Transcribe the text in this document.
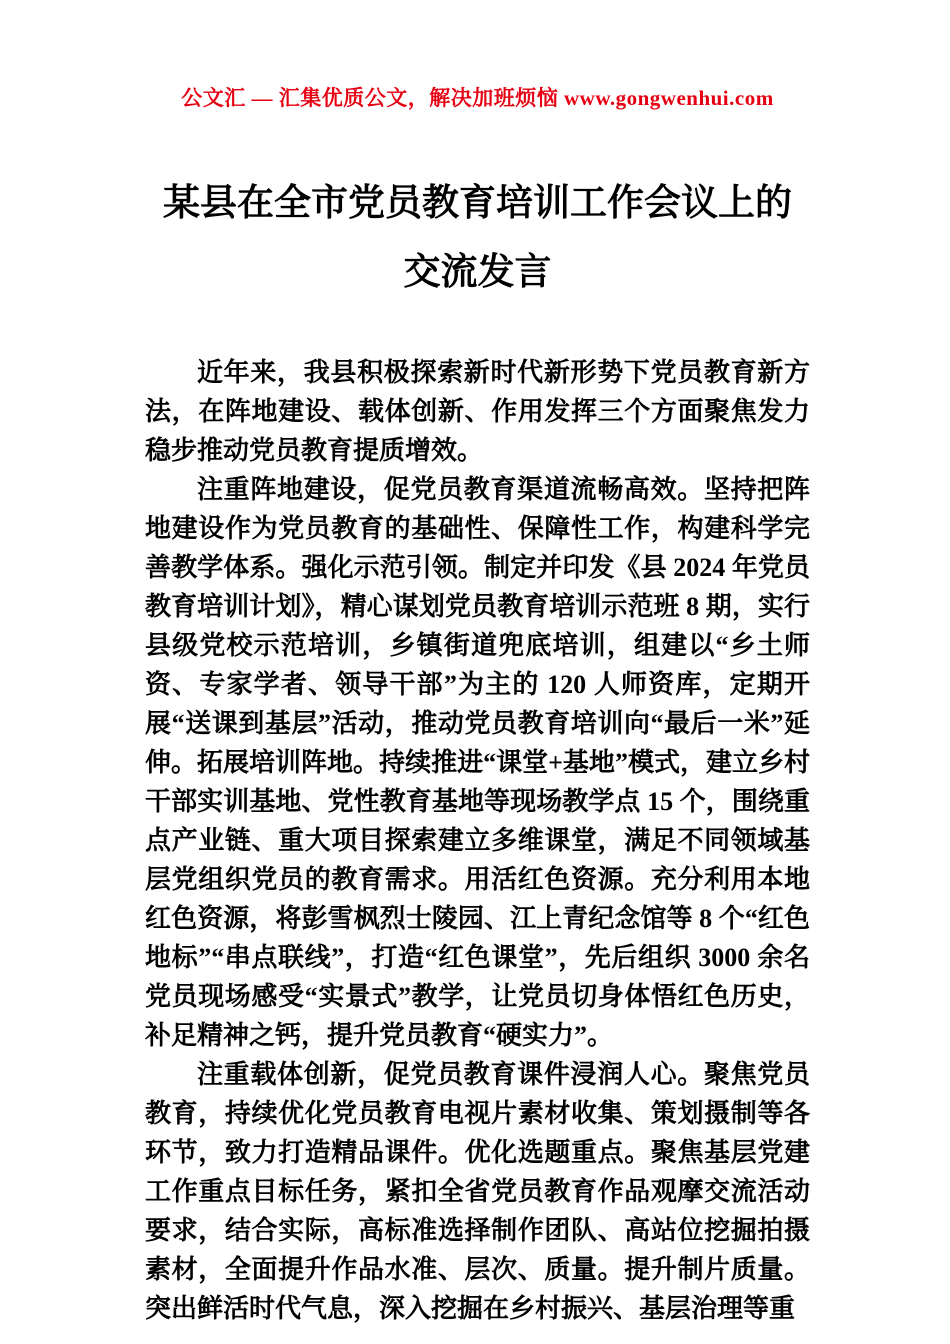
公文汇 — 汇集优质公文，解决加班烦恼 www.gongwenhui.com
某县在全市党员教育培训工作会议上的交流发言

近年来，我县积极探索新时代新形势下党员教育新方法，在阵地建设、载体创新、作用发挥三个方面聚焦发力稳步推动党员教育提质增效。

注重阵地建设，促党员教育渠道流畅高效。坚持把阵地建设作为党员教育的基础性、保障性工作，构建科学完善教学体系。强化示范引领。制定并印发《县 2024 年党员教育培训计划》，精心谋划党员教育培训示范班 8 期，实行县级党校示范培训，乡镇街道兜底培训，组建以“乡土师资、专家学者、领导干部”为主的 120 人师资库，定期开展“送课到基层”活动，推动党员教育培训向“最后一米”延伸。拓展培训阵地。持续推进“课堂+基地”模式，建立乡村干部实训基地、党性教育基地等现场教学点 15 个，围绕重点产业链、重大项目探索建立多维课堂，满足不同领域基层党组织党员的教育需求。用活红色资源。充分利用本地红色资源，将彭雪枫烈士陵园、江上青纪念馆等 8 个“红色地标”“串点联线”，打造“红色课堂”，先后组织 3000 余名党员现场感受“实景式”教学，让党员切身体悟红色历史，补足精神之钙，提升党员教育“硬实力”。

注重载体创新，促党员教育课件浸润人心。聚焦党员教育，持续优化党员教育电视片素材收集、策划摄制等各环节，致力打造精品课件。优化选题重点。聚焦基层党建工作重点目标任务，紧扣全省党员教育作品观摩交流活动要求，结合实际，高标准选择制作团队、高站位挖掘拍摄素材，全面提升作品水准、层次、质量。提升制片质量。突出鲜活时代气息，深入挖掘在乡村振兴、基层治理等重
